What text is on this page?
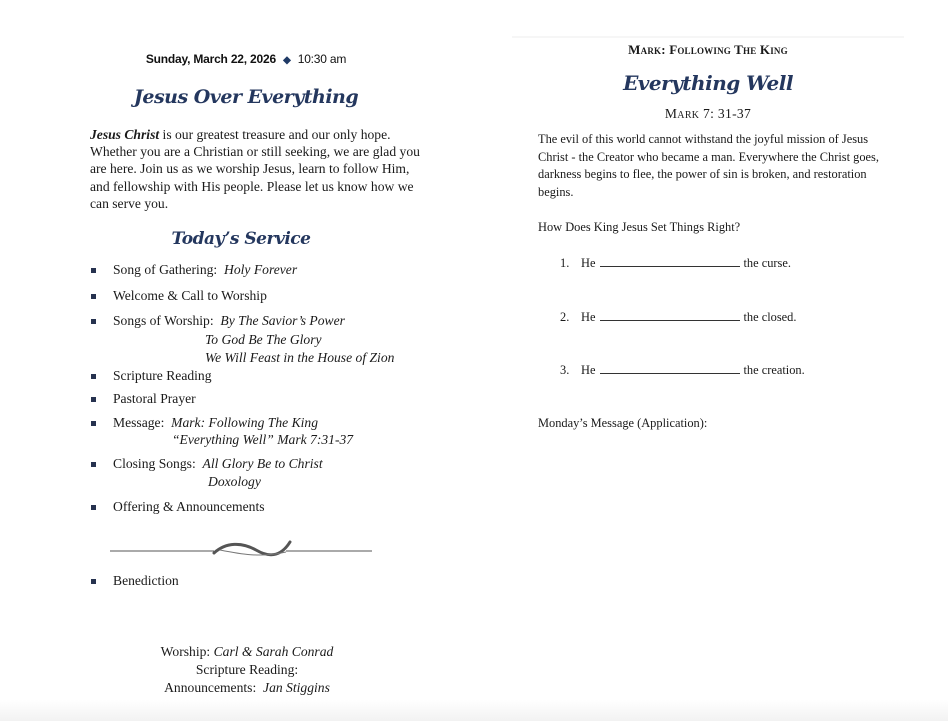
Sunday, March 22, 2026 ◆ 10:30 am
Jesus Over Everything
Jesus Christ is our greatest treasure and our only hope. Whether you are a Christian or still seeking, we are glad you are here. Join us as we worship Jesus, learn to follow Him, and fellowship with His people. Please let us know how we can serve you.
Today’s Service
Song of Gathering: Holy Forever
Welcome & Call to Worship
Songs of Worship: By The Savior’s Power
To God Be The Glory
We Will Feast in the House of Zion
Scripture Reading
Pastoral Prayer
Message: Mark: Following The King
“Everything Well” Mark 7:31-37
Closing Songs: All Glory Be to Christ
Doxology
Offering & Announcements
Benediction
Worship: Carl & Sarah Conrad
Scripture Reading:
Announcements: Jan Stiggins
Mark: Following The King
Everything Well
Mark 7: 31-37
The evil of this world cannot withstand the joyful mission of Jesus Christ - the Creator who became a man. Everywhere the Christ goes, darkness begins to flee, the power of sin is broken, and restoration begins.
How Does King Jesus Set Things Right?
1. He	the curse.
2. He	the closed.
3. He	the creation.
Monday’s Message (Application):
